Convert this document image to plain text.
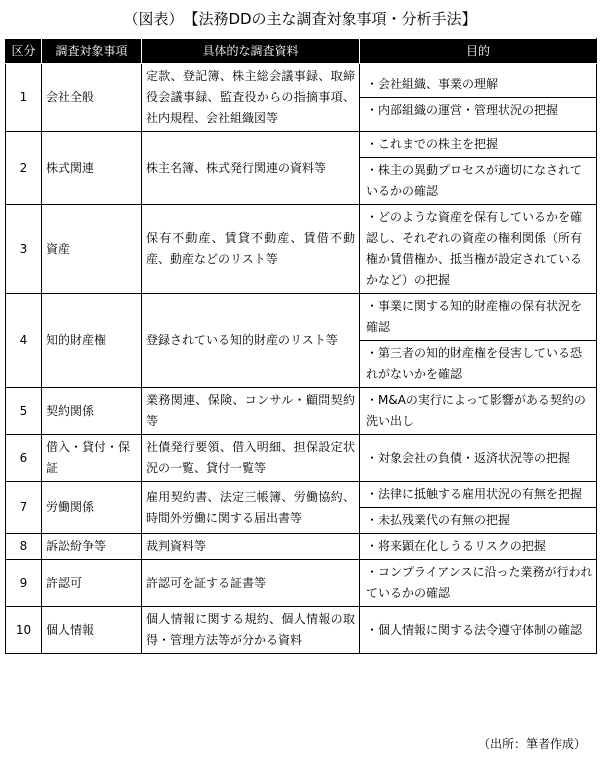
（図表）　【法務DDの主な調査対象事項・分析手法】
区分	調査対象事項	具体的な調査資料	目的
1	会社全般	定款、登記簿、株主総会議事録、取締役会議事録、監査役からの指摘事項、社内規程、会社組織図等	・会社組織、事業の理解
・内部組織の運営・管理状況の把握

2	株式関連	株主名簿、株式発行関連の資料等	・これまでの株主を把握
・株主の異動プロセスが適切になされているかの確認

3	資産	保有不動産、賃貸不動産、賃借不動産、動産などのリスト等	・どのような資産を保有しているかを確認し、それぞれの資産の権利関係（所有権か賃借権か、抵当権が設定されているかなど）の把握

4	知的財産権	登録されている知的財産のリスト等	・事業に関する知的財産権の保有状況を確認
・第三者の知的財産権を侵害している恐れがないかを確認

5	契約関係	業務関連、保険、コンサル・顧問契約等	・M&Aの実行によって影響がある契約の洗い出し

6	借入・貸付・保証	社債発行要領、借入明細、担保設定状況の一覧、貸付一覧等	・対象会社の負債・返済状況等の把握

7	労働関係	雇用契約書、法定三帳簿、労働協約、時間外労働に関する届出書等	・法律に抵触する雇用状況の有無を把握
・未払残業代の有無の把握

8	訴訟紛争等	裁判資料等	・将来顕在化しうるリスクの把握

9	許認可	許認可を証する証書等	・コンプライアンスに沿った業務が行われているかの確認

10	個人情報	個人情報に関する規約、個人情報の取得・管理方法等が分かる資料	・個人情報に関する法令遵守体制の確認
（出所：筆者作成）
